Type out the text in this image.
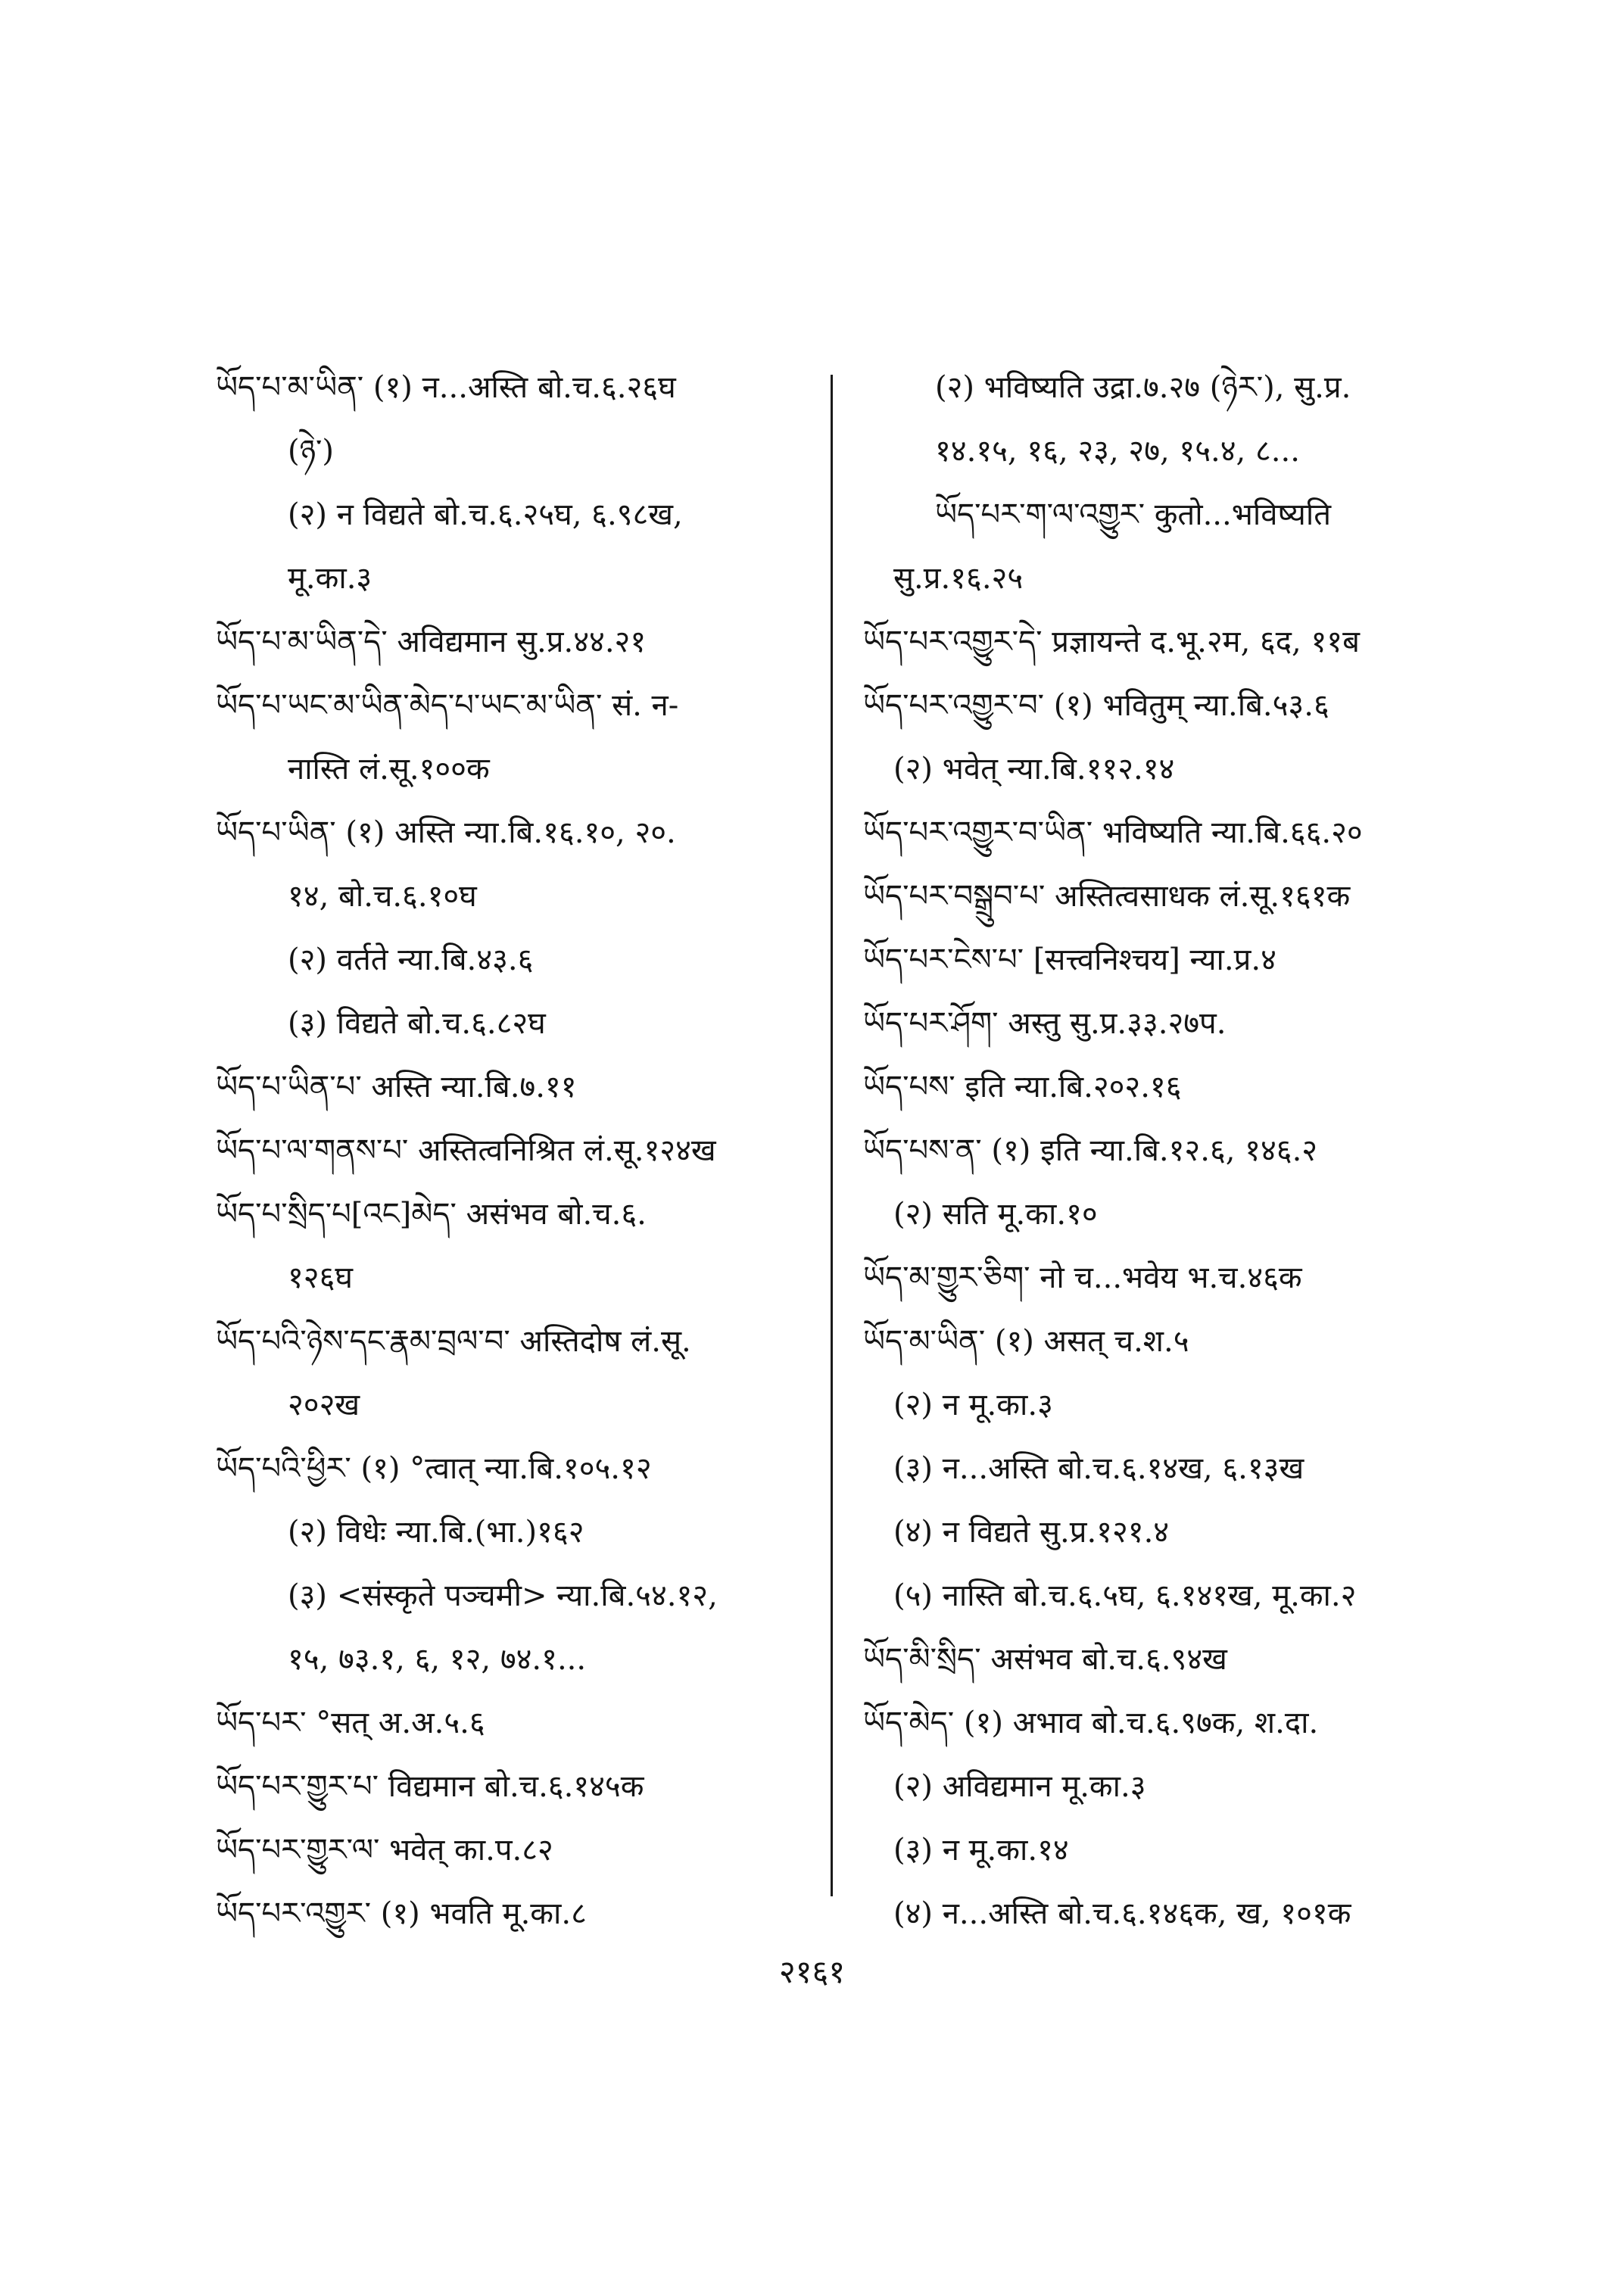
ཡོད་པ་མ་ཡིན་ (१) न...अस्ति बो.च.६.२६घ
(ཉེ་)
(२) न विद्यते बो.च.६.२५घ, ६.९८ख,
मू.का.३
ཡོད་པ་མ་ཡིན་དེ་ अविद्यमान सु.प्र.४४.२१
ཡོད་པ་ཡང་མ་ཡིན་མེད་པ་ཡང་མ་ཡིན་ सं. न-
नास्ति लं.सू.१००क
ཡོད་པ་ཡིན་ (१) अस्ति न्या.बि.१६.१०, २०.
१४, बो.च.६.१०घ
(२) वर्तते न्या.बि.४३.६
(३) विद्यते बो.च.६.८२घ
ཡོད་པ་ཡིན་པ་ अस्ति न्या.बि.७.११
ཡོད་པ་ལ་གནས་པ་ अस्तित्वनिश्रित लं.सू.१२४ख
ཡོད་པ་སྲིད་པ[འང]མེད་ असंभव बो.च.६.
१२६घ
ཡོད་པའི་ཉེས་དང་རྣམ་བྲལ་བ་ अस्तिदोष लं.सू.
२०२ख
ཡོད་པའི་ཕྱིར་ (१) °त्वात् न्या.बि.१०५.१२
(२) विधेः न्या.बि.(भा.)१६२
(३) <संस्कृते पञ्चमी> न्या.बि.५४.१२,
१५, ७३.१, ६, १२, ७४.१...
ཡོད་པར་ °सत् अ.अ.५.६
ཡོད་པར་གྱུར་པ་ विद्यमान बो.च.६.१४५क
ཡོད་པར་གྱུར་ལ་ भवेत् का.प.८२
ཡོད་པར་འགྱུར་ (१) भवति मू.का.८
(२) भविष्यति उद्रा.७.२७ (ཉེར་), सु.प्र.
१४.१५, १६, २३, २७, १५.४, ८...
ཡོད་པར་ག་ལ་འགྱུར་ कुतो...भविष्यति
सु.प्र.१६.२५
ཡོད་པར་འགྱུར་དེ་ प्रज्ञायन्ते द.भू.२म, ६द, ११ब
ཡོད་པར་འགྱུར་བ་ (१) भवितुम् न्या.बि.५३.६
(२) भवेत् न्या.बि.११२.१४
ཡོད་པར་འགྱུར་བ་ཡིན་ भविष्यति न्या.बि.६६.२०
ཡོད་པར་བསྒྲུབ་པ་ अस्तित्वसाधक लं.सू.१६१क
ཡོད་པར་ངེས་པ་ [सत्त्वनिश्चय] न्या.प्र.४
ཡོད་པར་ཤོག་ अस्तु सु.प्र.३३.२७प.
ཡོད་པས་ इति न्या.बि.२०२.१६
ཡོད་པས་ན་ (१) इति न्या.बि.१२.६, १४६.२
(२) सति मू.का.१०
ཡོད་མ་གྱུར་ཅིག་ नो च...भवेय भ.च.४६क
ཡོད་མ་ཡིན་ (१) असत् च.श.५
(२) न मू.का.३
(३) न...अस्ति बो.च.६.१४ख, ६.१३ख
(४) न विद्यते सु.प्र.१२१.४
(५) नास्ति बो.च.६.५घ, ६.१४१ख, मू.का.२
ཡོད་མི་སྲིད་ असंभव बो.च.६.९४ख
ཡོད་མེད་ (१) अभाव बो.च.६.९७क, श.दा.
(२) अविद्यमान मू.का.३
(३) न मू.का.१४
(४) न...अस्ति बो.च.६.१४६क, ख, १०१क
२१६१
